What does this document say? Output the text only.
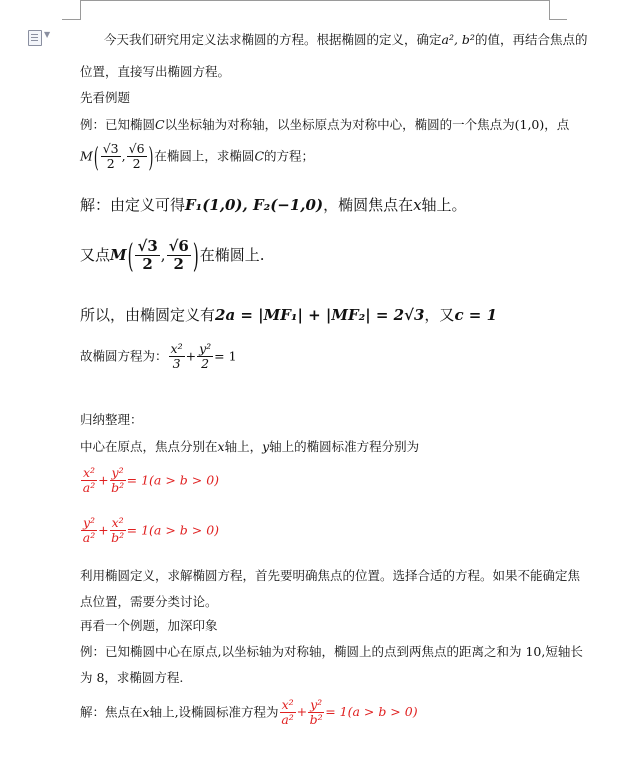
▼	今天我们研究用定义法求椭圆的方程。根据椭圆的定义，确定a², b²的值，再结合焦点的
位置，直接写出椭圆方程。
先看例题
例：已知椭圆C以坐标轴为对称轴，以坐标原点为对称中心，椭圆的一个焦点为(1,0)，点
$M( \frac{√3}{2}$ , $\frac{√6}{2}$ )在椭圆上，求椭圆C的方程；
解：由定义可得F₁(1,0), F₂(−1,0)，椭圆焦点在x轴上。
又点$M( \frac{√3}{2}$ , $\frac{√6}{2}$ )在椭圆上.
所以，由椭圆定义有2a = |MF₁| + |MF₂| = 2√3，又c = 1
故椭圆方程为： $\frac{\text{x²}}{3} + \frac{\text{y²}}{2} = 1$
归纳整理：
中心在原点，焦点分别在x轴上，y轴上的椭圆标准方程分别为
$\frac{\text{x²}}{\text{a²}} + \frac{\text{y²}}{\text{b²}} = 1(a > b > 0)$
$\frac{\text{y²}}{\text{a²}} + \frac{\text{x²}}{\text{b²}} = 1(a > b > 0)$
利用椭圆定义，求解椭圆方程，首先要明确焦点的位置。选择合适的方程。如果不能确定焦
点位置，需要分类讨论。
再看一个例题，加深印象
例：已知椭圆中心在原点,以坐标轴为对称轴，椭圆上的点到两焦点的距离之和为 10,短轴长
为 8，求椭圆方程.
解：焦点在x轴上,设椭圆标准方程为 $\frac{\text{x²}}{\text{a²}} + \frac{\text{y²}}{\text{b²}} = 1(a > b > 0)$
